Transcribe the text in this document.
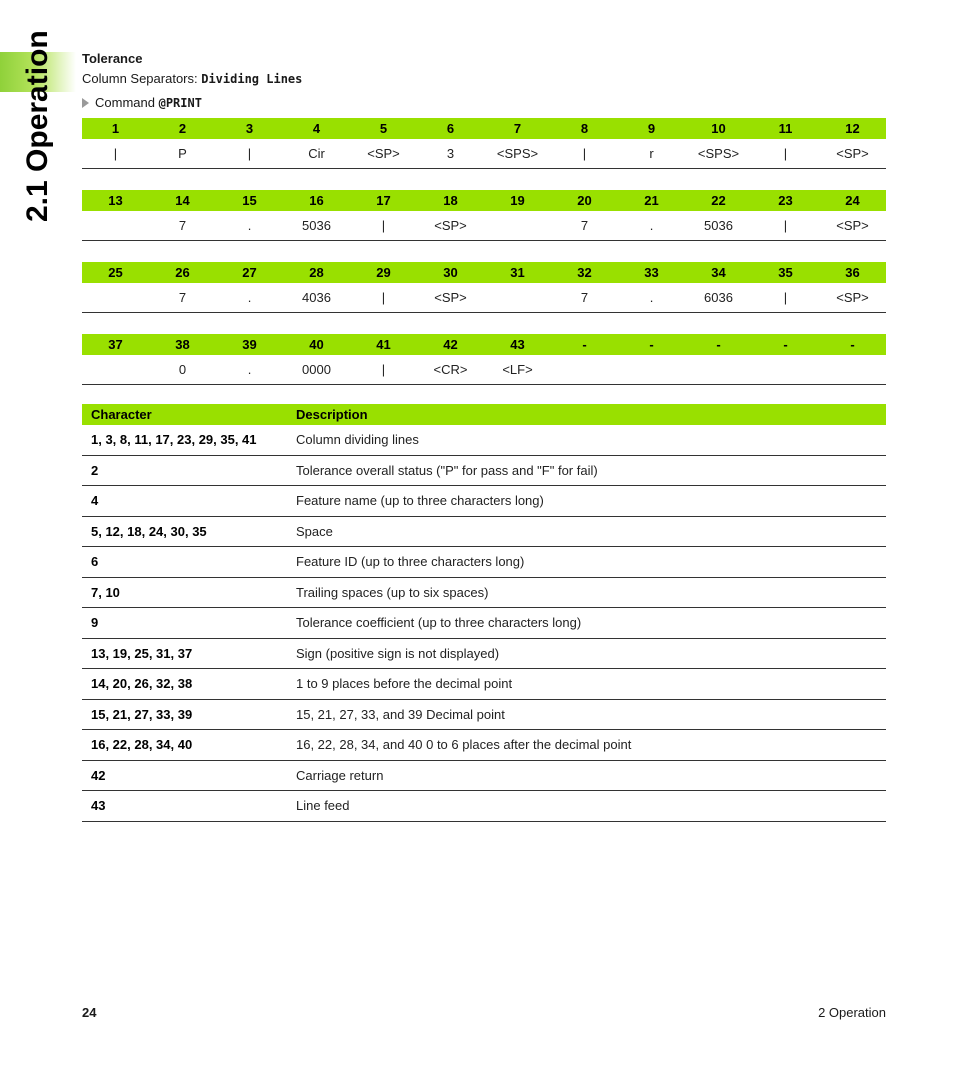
2.1 Operation Tolerance
Column Separators: Dividing Lines
Command
@PRINT
1	2	3	4	5	6	7	8	9	10	11	12
|	P	|	Cir	<SP>	3	<SPS>	|	r	<SPS>	|	<SP>
13	14	15	16	17	18	19	20	21	22	23	24
	7	.	5036	|	<SP>		7	.	5036	|	<SP>
25	26	27	28	29	30	31	32	33	34	35	36
	7	.	4036	|	<SP>		7	.	6036	|	<SP>
37	38	39	40	41	42	43	-	-	-	-	-
	0	.	0000	|	<CR>	<LF>					
Character	Description
1, 3, 8, 11, 17, 23, 29, 35, 41	Column dividing lines
2	Tolerance overall status ("P" for pass and "F" for fail)
4	Feature name (up to three characters long)
5, 12, 18, 24, 30, 35	Space
6	Feature ID (up to three characters long)
7, 10	Trailing spaces (up to six spaces)
9	Tolerance coefficient (up to three characters long)
13, 19, 25, 31, 37	Sign (positive sign is not displayed)
14, 20, 26, 32, 38	1 to 9 places before the decimal point
15, 21, 27, 33, 39	15, 21, 27, 33, and 39 Decimal point
16, 22, 28, 34, 40	16, 22, 28, 34, and 40 0 to 6 places after the decimal point
42	Carriage return
43	Line feed
24	2 Operation
